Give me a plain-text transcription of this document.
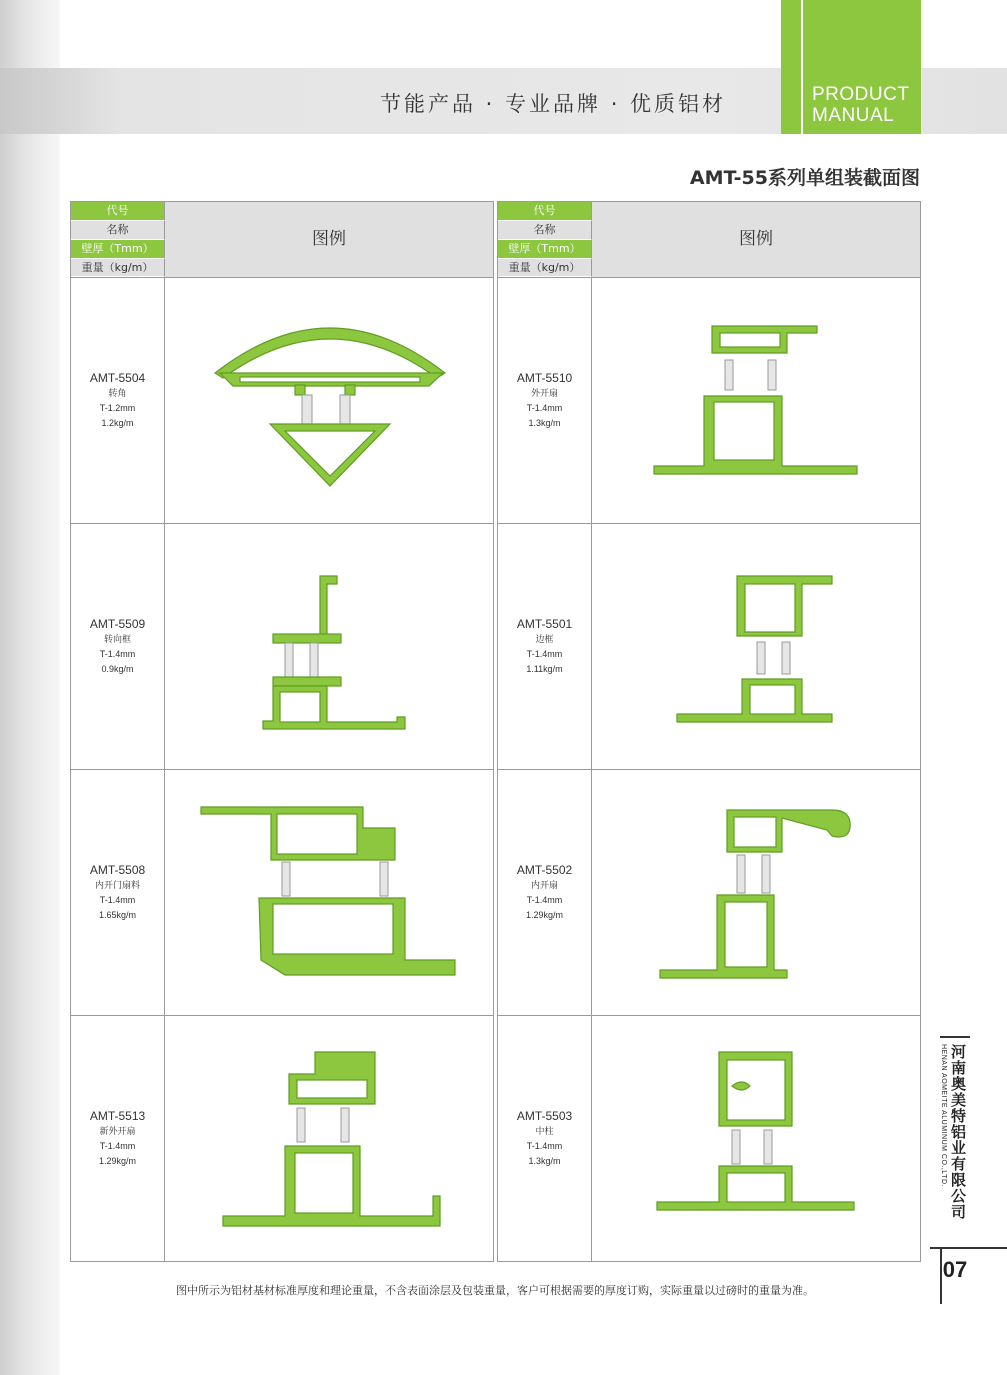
节能产品 · 专业品牌 · 优质铝材	PRODUCT
MANUAL
AMT-55系列单组装截面图
代号
名称
壁厚（Tmm）
重量（kg/m）
图例
AMT-5504
转角
T-1.2mm
1.2kg/m
AMT-5509
转向框
T-1.4mm
0.9kg/m
AMT-5508
内开门扇料
T-1.4mm
1.65kg/m
AMT-5513
新外开扇
T-1.4mm
1.29kg/m
代号
名称
壁厚（Tmm）
重量（kg/m）
图例
AMT-5510
外开扇
T-1.4mm
1.3kg/m
AMT-5501
边框
T-1.4mm
1.11kg/m
AMT-5502
内开扇
T-1.4mm
1.29kg/m
AMT-5503
中柱
T-1.4mm
1.3kg/m
图中所示为铝材基材标准厚度和理论重量，不含表面涂层及包装重量，客户可根据需要的厚度订购，实际重量以过磅时的重量为准。
河南奥美特铝业有限公司
HENAN AOMEITE ALUMINUM CO.,LTD.
07
